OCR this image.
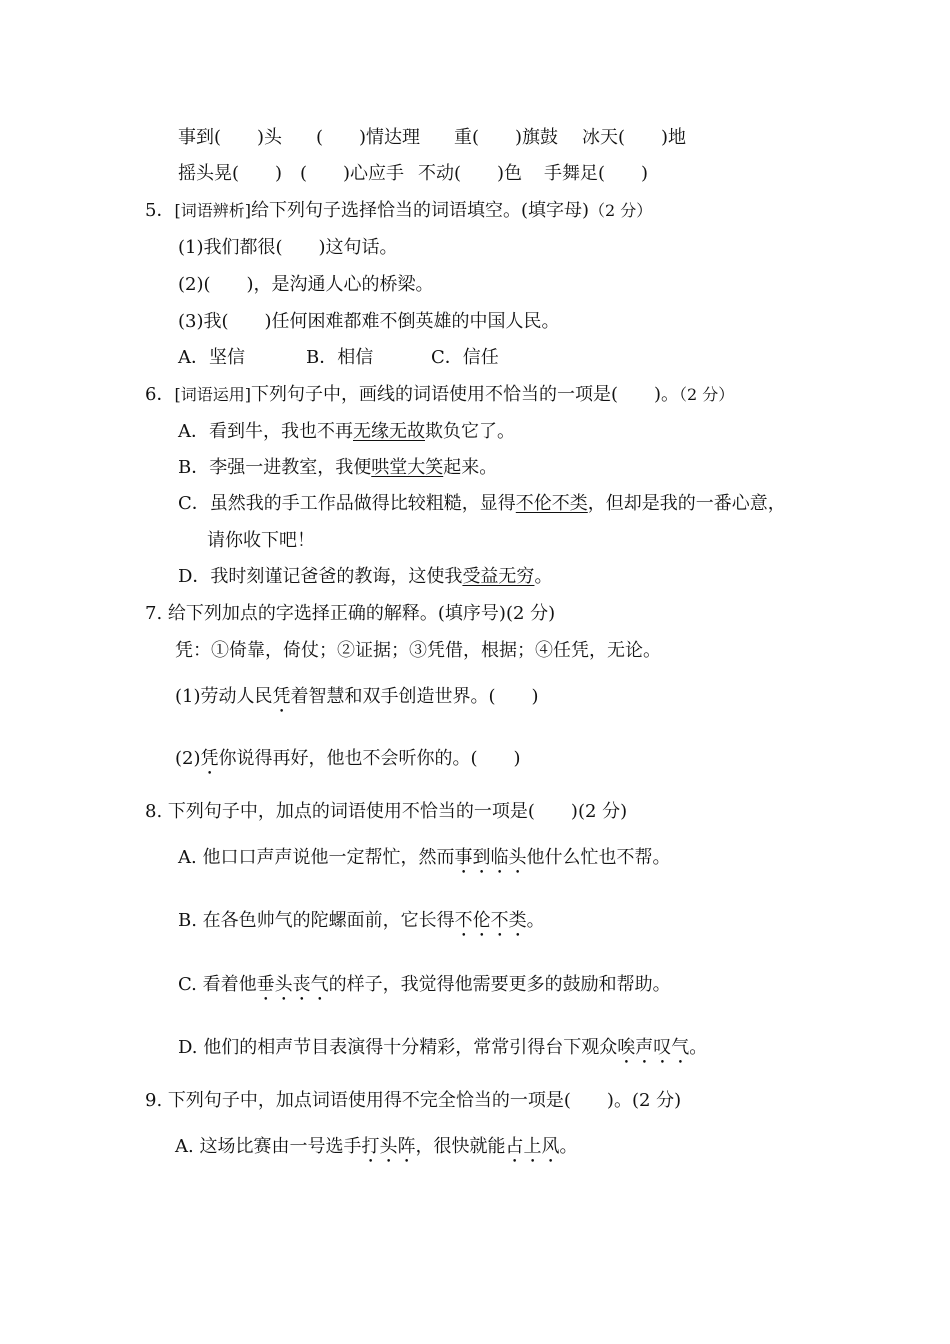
事到(　　)头 (　　)情达理 重(　　)旗鼓 冰天(　　)地
摇头晃(　　) (　　)心应手 不动(　　)色 手舞足(　　)
5．[词语辨析]给下列句子选择恰当的词语填空。(填字母)（2 分）
(1)我们都很(　　)这句话。
(2)(　　)，是沟通人心的桥梁。
(3)我(　　)任何困难都难不倒英雄的中国人民。
A．坚信	B．相信	C．信任
6．[词语运用]下列句子中，画线的词语使用不恰当的一项是(　　)。（2 分）
A．看到牛，我也不再无缘无故欺负它了。
B．李强一进教室，我便哄堂大笑起来。
C．虽然我的手工作品做得比较粗糙，显得不伦不类，但却是我的一番心意，
请你收下吧！
D．我时刻谨记爸爸的教诲，这使我受益无穷。
7. 给下列加点的字选择正确的解释。(填序号)(2 分)
凭：①倚靠，倚仗；②证据；③凭借，根据；④任凭，无论。
(1)劳动人民凭着智慧和双手创造世界。(　　)
(2)凭你说得再好，他也不会听你的。(　　)
8. 下列句子中，加点的词语使用不恰当的一项是(　　)(2 分)
A. 他口口声声说他一定帮忙，然而事到临头他什么忙也不帮。
B. 在各色帅气的陀螺面前，它长得不伦不类。
C. 看着他垂头丧气的样子，我觉得他需要更多的鼓励和帮助。
D. 他们的相声节目表演得十分精彩，常常引得台下观众唉声叹气。
9. 下列句子中，加点词语使用得不完全恰当的一项是(　　)。(2 分)
A. 这场比赛由一号选手打头阵，很快就能占上风。
